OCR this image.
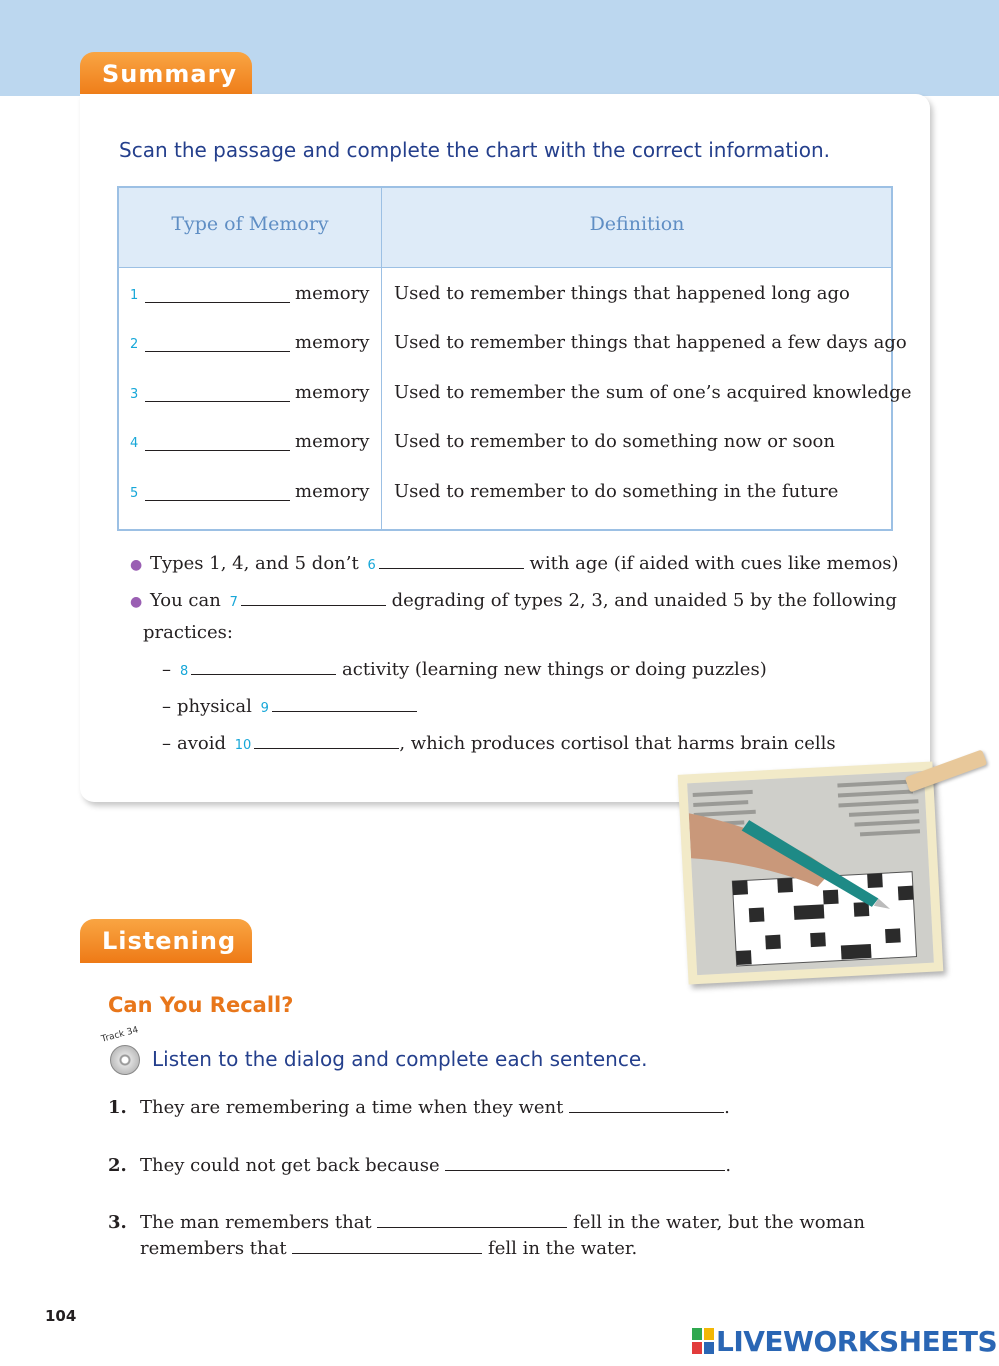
Summary
Scan the passage and complete the chart with the correct information.
Type of Memory	Definition
1	memory Used to remember things that happened long ago
2	memory Used to remember things that happened a few days ago
3	memory Used to remember the sum of one’s acquired knowledge
4	memory Used to remember to do something now or soon
5	memory Used to remember to do something in the future
● Types 1, 4, and 5 don’t 6	with age (if aided with cues like memos)
● You can 7	degrading of types 2, 3, and unaided 5 by the following
practices:
– 8	activity (learning new things or doing puzzles)
– physical 9
– avoid 10	, which produces cortisol that harms brain cells
Listening
Can You Recall?
Track 34
Listen to the dialog and complete each sentence.
1. They are remembering a time when they went	.
2. They could not get back because	.
3. The man remembers that	fell in the water, but the woman
remembers that	fell in the water.
104
LIVEWORKSHEETS
